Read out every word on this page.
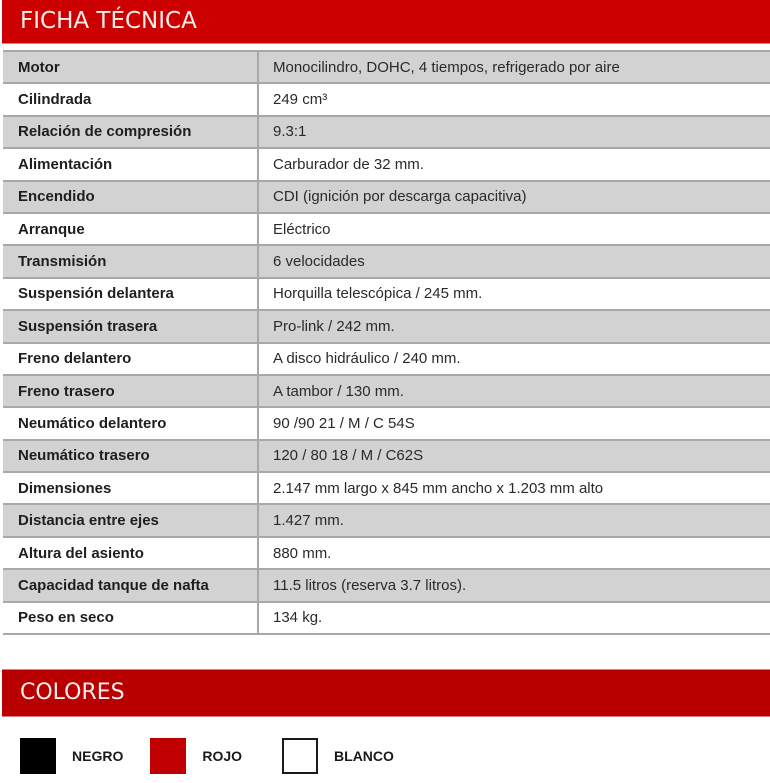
FICHA TÉCNICA
Motor	Monocilindro, DOHC, 4 tiempos, refrigerado por aire
Cilindrada	249 cm³
Relación de compresión	9.3:1
Alimentación	Carburador de 32 mm.
Encendido	CDI (ignición por descarga capacitiva)
Arranque	Eléctrico
Transmisión	6 velocidades
Suspensión delantera	Horquilla telescópica / 245 mm.
Suspensión trasera	Pro-link / 242 mm.
Freno delantero	A disco hidráulico / 240 mm.
Freno trasero	A tambor / 130 mm.
Neumático delantero	90 /90 21 / M / C 54S
Neumático trasero	120 / 80 18 / M / C62S
Dimensiones	2.147 mm largo x 845 mm ancho x 1.203 mm alto
Distancia entre ejes	1.427 mm.
Altura del asiento	880 mm.
Capacidad tanque de nafta	11.5 litros (reserva 3.7 litros).
Peso en seco	134 kg.
COLORES
NEGRO	ROJO	BLANCO
